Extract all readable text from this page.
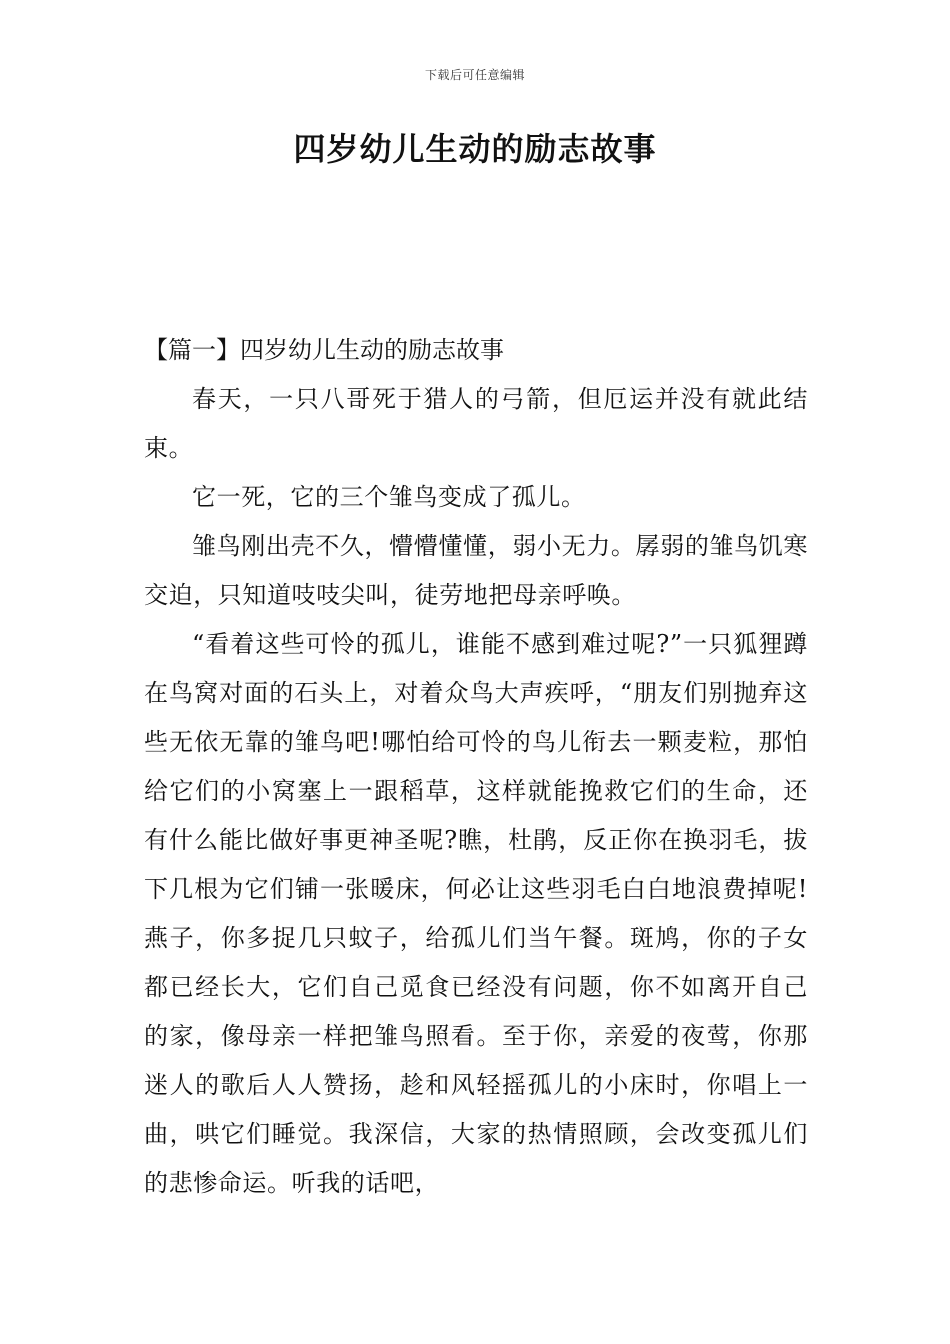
下载后可任意编辑
四岁幼儿生动的励志故事

【篇一】四岁幼儿生动的励志故事

春天，一只八哥死于猎人的弓箭，但厄运并没有就此结束。

它一死，它的三个雏鸟变成了孤儿。

雏鸟刚出壳不久，懵懵懂懂，弱小无力。孱弱的雏鸟饥寒交迫，只知道吱吱尖叫，徒劳地把母亲呼唤。

“看着这些可怜的孤儿，谁能不感到难过呢?”一只狐狸蹲在鸟窝对面的石头上，对着众鸟大声疾呼，“朋友们别抛弃这些无依无靠的雏鸟吧!哪怕给可怜的鸟儿衔去一颗麦粒，那怕给它们的小窝塞上一跟稻草，这样就能挽救它们的生命，还有什么能比做好事更神圣呢?瞧，杜鹃，反正你在换羽毛，拔下几根为它们铺一张暖床，何必让这些羽毛白白地浪费掉呢!燕子，你多捉几只蚊子，给孤儿们当午餐。斑鸠，你的子女都已经长大，它们自己觅食已经没有问题，你不如离开自己的家，像母亲一样把雏鸟照看。至于你，亲爱的夜莺，你那迷人的歌后人人赞扬，趁和风轻摇孤儿的小床时，你唱上一曲，哄它们睡觉。我深信，大家的热情照顾，会改变孤儿们的悲惨命运。听我的话吧，
